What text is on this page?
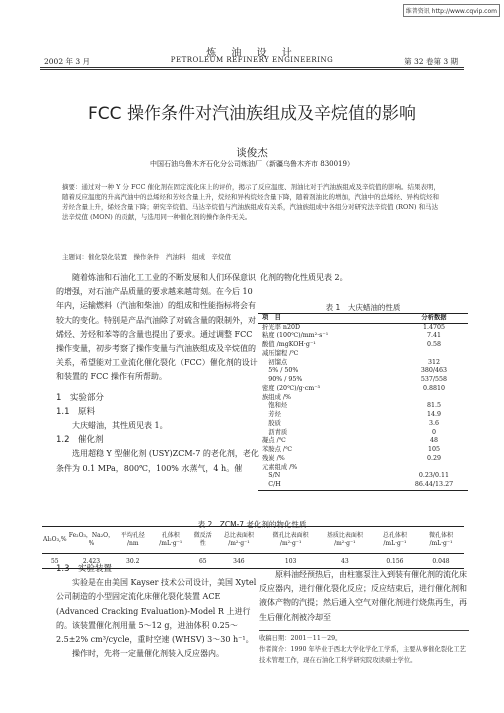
维普资讯 http://www.cqvip.com
炼 油 设 计
2002 年 3 月	PETROLEUM REFINERY ENGINEERING	第 32 卷第 3 期
FCC 操作条件对汽油族组成及辛烷值的影响
谈俊杰
中国石油乌鲁木齐石化分公司炼油厂（新疆乌鲁木齐市 830019）
摘要：通过对一种 Y 分 FCC 催化剂在固定流化床上的评价，揭示了反应温度、剂油比对于汽油族组成及辛烷值的影响。结果表明，随着反应温度的升高汽油中的总烯烃和芳烃含量上升，烷烃和异构烷烃含量下降，随着剂油比的增加，汽油中的总烯烃、异构烷烃和芳烃含量上升，烯烃含量下降；研究辛烷值、马达辛烷值与汽油族组成有关系，汽油族组成中各组分对研究法辛烷值 (RON) 和马达法辛烷值 (MON) 的贡献，与选用同一种催化剂的操作条件无关。
主题词：催化裂化装置　操作条件　汽油料　组成　辛烷值

随着炼油和石油化工工业的不断发展和人们环保意识的增强，对石油产品质量的要求越来越苛刻。在今后 10 年内，运输燃料（汽油和柴油）的组成和性能指标将会有较大的变化。特别是产品汽油除了对硫含量的限制外，对烯烃、芳烃和苯等的含量也提出了要求。通过调整 FCC 操作变量，初步考察了操作变量与汽油族组成及辛烷值的关系，希望能对工业流化催化裂化（FCC）催化剂的设计和装置的 FCC 操作有所帮助。

1　实验部分
1.1　原料

大庆蜡油，其性质见表 1。

1.2　催化剂

选用超稳 Y 型催化剂 (USY)ZCM-7 的老化剂，老化条件为 0.1 MPa，800℃，100% 水蒸气，4 h。催

化剂的物化性质见表 2。
表 1　大庆蜡油的性质
项　目	分析数据
折光率 n20D	1.4705
粘度 (100℃)/mm²·s⁻¹	7.41
酸值 /mgKOH·g⁻¹	0.58
减压馏程 /℃
　初馏点	312
　5% / 50%	380/463
　90% / 95%	537/558
密度 (20℃)/g·cm⁻³	0.8810
族组成 /%
　饱和烃	81.5
　芳烃	14.9
　胶质	3.6
　沥青质	0
凝点 /℃	48
苯胺点 /℃	105
残炭 /%	0.29
元素组成 /%
　S/N	0.23/0.11
　C/H	86.44/13.27
表 2　ZCM-7 老化剂的物化性质
Al₂O₃,%	Fe₂O₃，Na₂O，%	平均孔径 /nm	孔体积 /mL·g⁻¹	微反活性	总比表面积 /m²·g⁻¹	微孔比表面积 /m²·g⁻¹	基质比表面积 /m²·g⁻¹	总孔体积 /mL·g⁻¹	微孔体积 /mL·g⁻¹
55	2.423	30.2		65	346	103	43	0.156	0.048
1.3　实验装置

实验是在由美国 Kayser 技术公司设计，美国 Xytel 公司制造的小型固定流化床催化裂化装置 ACE (Advanced Cracking Evaluation)-Model R 上进行的。该装置催化剂用量 5～12 g，进油体积 0.25～2.5±2% cm³/cycle，重时空速 (WHSV) 3～30 h⁻¹。

操作时，先将一定量催化剂装入反应器内。

原料油经预热后，由柱塞泵注入到装有催化剂的流化床反应器内，进行催化裂化反应；反应结束后，进行催化剂和液体产物的汽提；然后通入空气对催化剂进行烧焦再生，再生后催化剂被冷却至

收稿日期：2001－11－29。
作者简介：1990 年毕业于西北大学化学化工学系，主要从事催化裂化工艺技术管理工作，现在石油化工科学研究院攻读硕士学位。
